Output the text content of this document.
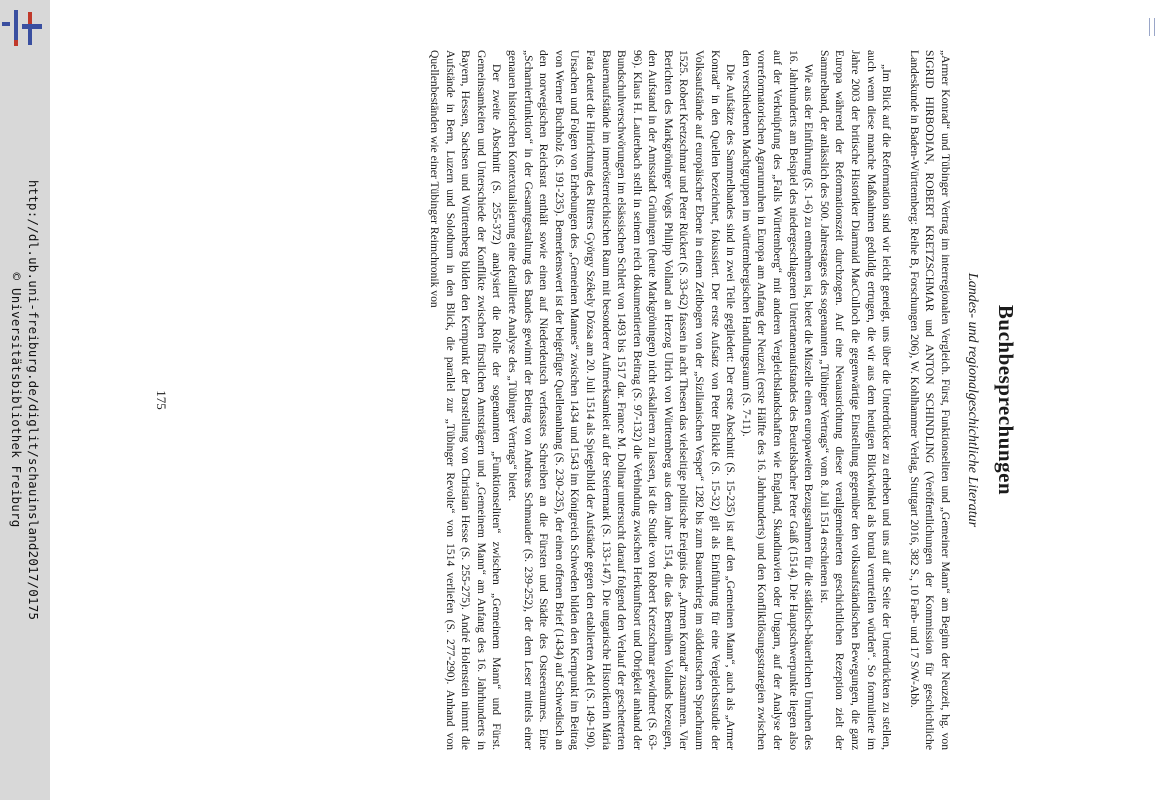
http://dl.ub.uni-freiburg.de/diglit/schauinsland2017/0175
© Universitätsbibliothek Freiburg	Buchbesprechungen
Landes- und regionalgeschichtliche Literatur

„Armer Konrad“ und Tübinger Vertrag im interregionalen Vergleich. Fürst, Funktionseliten und „Gemeiner Mann“ am Beginn der Neuzeit, hg. von SIGRID HIRBODIAN, ROBERT KRETZSCHMAR und ANTON SCHINDLING (Veröffentlichungen der Kommission für geschichtliche Landeskunde in Baden-Württemberg: Reihe B, Forschungen 206), W. Kohlhammer Verlag, Stuttgart 2016, 382 S., 10 Farb- und 17 S/W-Abb.

„Im Blick auf die Reformation sind wir leicht geneigt, uns über die Unterdrücker zu erheben und uns auf die Seite der Unterdrückten zu stellen, auch wenn diese manche Maßnahmen geduldig ertrugen, die wir aus dem heutigen Blickwinkel als brutal verurteilen würden“. So formulierte im Jahre 2003 der britische Historiker Diarmaid MacCulloch die gegenwärtige Einstellung gegenüber den volksaufständischen Bewegungen, die ganz Europa während der Reformationszeit durchzogen. Auf eine Neuausrichtung dieser verallgemeinerten geschichtlichen Rezeption zielt der Sammelband, der anlässlich des 500. Jahrestages des sogenannten „Tübinger Vertrags“ vom 8. Juli 1514 erschienen ist.

Wie aus der Einführung (S. 1-6) zu entnehmen ist, bietet die Miszelle einen europaweiten Bezugsrahmen für die städtisch-bäuerlichen Unruhen des 16. Jahrhunderts am Beispiel des niedergeschlagenen Untertanenaufstandes des Beutelsbacher Peter Gaiß (1514). Die Hauptschwerpunkte liegen also auf der Verknüpfung des „Falls Württemberg“ mit anderen Vergleichslandschaften wie England, Skandinavien oder Ungarn, auf der Analyse der vorreformatorischen Agrarunruhen in Europa am Anfang der Neuzeit (erste Hälfte des 16. Jahrhunderts) und den Konfliktlösungsstrategien zwischen den verschiedenen Machtgruppen im württembergischen Handlungsraum (S. 7-11).

Die Aufsätze des Sammelbandes sind in zwei Teile gegliedert: Der erste Abschnitt (S. 15-235) ist auf den „Gemeinen Mann“, auch als „Armer Konrad“ in den Quellen bezeichnet, fokussiert. Der erste Aufsatz von Peter Blickle (S. 15-32) gilt als Einführung für eine Vergleichsstudie der Volksaufstände auf europäischer Ebene in einem Zeitbogen von der „Sizilianischen Vesper“ 1282 bis zum Bauernkrieg im süddeutschen Sprachraum 1525. Robert Kretzschmar und Peter Rückert (S. 33-62) fassen in acht Thesen das vielseitige politische Ereignis des „Armen Konrad“ zusammen. Vier Berichten des Markgröninger Vogts Philipp Volland an Herzog Ulrich von Württemberg aus dem Jahre 1514, die das Bemühen Vollands bezeugen, den Aufstand in der Amtsstadt Grüningen (heute Markgröningen) nicht eskalieren zu lassen, ist die Studie von Robert Kretzschmar gewidmet (S. 63-96). Klaus H. Lauterbach stellt in seinem reich dokumentierten Beitrag (S. 97-132) die Verbindung zwischen Herkunftsort und Obrigkeit anhand der Bundschuhverschwörungen im elsässischen Schlett von 1493 bis 1517 dar. France M. Dolinar untersucht darauf folgend den Verlauf der geschetterten Bauernaufstände im innerösterreichischen Raum mit besonderer Aufmerksamkeit auf der Steiermark (S. 133-147). Die ungarische Historikerin Mária Fata deutet die Hinrichtung des Ritters György Székely Dózsa am 20. Juli 1514 als Spiegelbild der Aufstände gegen den etablierten Adel (S. 149-190). Ursachen und Folgen von Erhebungen des „Gemeinen Mannes“ zwischen 1434 und 1543 im Königreich Schweden bilden den Kernpunkt im Beitrag von Werner Buchholz (S. 191-235). Bemerkenswert ist der beigefügte Quellenanhang (S. 230-235), der einen offenen Brief (1434) auf Schwedisch an den norwegischen Reichsrat enthält sowie einen auf Niederdeutsch verfasstes Schreiben an die Fürsten und Städte des Ostseeraumes. Eine „Scharnierfunktion“ in der Gesamtgestaltung des Bandes gewinnt der Beitrag von Andreas Schmauder (S. 239-252), der dem Leser mittels einer genauen historischen Kontextualisierung eine detaillierte Analyse des „Tübinger Vertrags“ bietet.

Der zweite Abschnitt (S. 255-372) analysiert die Rolle der sogenannten „Funktionseliten“ zwischen „Gemeinem Mann“ und Fürst. Gemeinsamkeiten und Unterschiede der Konflikte zwischen fürstlichen Amtsträgern und „Gemeinem Mann“ am Anfang des 16. Jahrhunderts in Bayern, Hessen, Sachsen und Württemberg bilden den Kernpunkt der Darstellung von Christian Hesse (S. 255-275). André Holenstein nimmt die Aufstände in Bern, Luzern und Solothurn in den Blick, die parallel zur „Tübinger Revolte“ von 1514 verliefen (S. 277-290). Anhand von Quellenbeständen wie einer Tübinger Reimchronik von

175
